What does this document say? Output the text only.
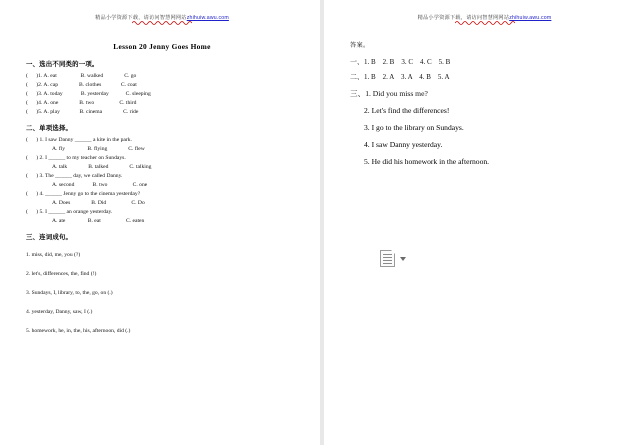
精品小学资源下载，请访问智慧网网站zhihuiw.awu.com
Lesson 20 Jenny Goes Home
一、选出不同类的一项。
(      )1. A. eat                 B. walked               C. go
(      )2. A. cap               B. clothes              C. coat
(      )3. A. today             B. yesterday            C. sleeping
(      )4. A. one               B. two                  C. third
(      )5. A. play              B. cinema               C. ride
二、单项选择。
(      ) 1. I saw Danny ______ a kite in the park.
A. fly                B. flying               C. flew
(      ) 2. I ______ to my teacher on Sundays.
A. talk               B. talked               C. talking
(      ) 3. The ______ day, we called Danny.
A. second             B. two                  C. one
(      ) 4. ______ Jenny go to the cinema yesterday?
A. Does               B. Did                  C. Do
(      ) 5. I ______ an orange yesterday.
A. ate                B. eat                  C. eaten
三、连词成句。
1. miss, did, me, you (?)
2. let's, differences, the, find (!)
3. Sundays, I, library, to, the, go, on (.)
4. yesterday, Danny, saw, I (.)
5. homework, he, in, the, his, afternoon, did (.)
精品小学资源下载，请访问智慧网网站zhihuiw.awu.com
答案。
一、1. B    2. B    3. C    4. C    5. B
二、1. B    2. A    3. A    4. B    5. A
三、1. Did you miss me?
2. Let's find the differences!
3. I go to the library on Sundays.
4. I saw Danny yesterday.
5. He did his homework in the afternoon.
